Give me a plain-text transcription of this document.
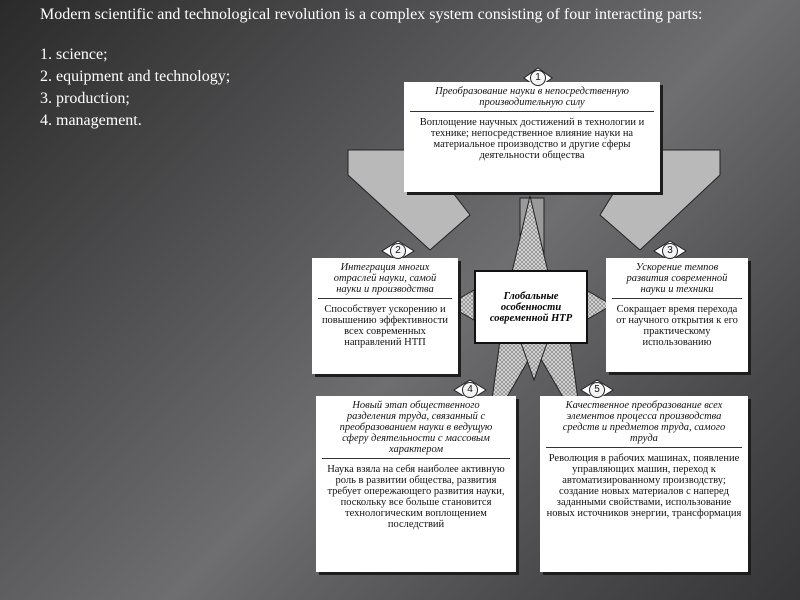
Modern scientific and technological revolution is a complex system consisting of four interacting parts:

1. science;
2. equipment and technology;
3. production;
4. management.
Преобразование науки в непосредственную производительную силу
Воплощение научных достижений в технологии и технике; непосредственное влияние науки на материальное производство и другие сферы деятельности общества
1
Интеграция многих отраслей науки, самой науки и производства
Способствует ускорению и повышению эффективности всех современных направлений НТП
2
Ускорение темпов развития современной науки и техники
Сокращает время перехода от научного открытия к его практическому использованию
3
Новый этап общественного разделения труда, связанный с преобразованием науки в ведущую сферу деятельности с массовым характером
Наука взяла на себя наиболее активную роль в развитии общества, развития требует опережающего развития науки, поскольку все больше становится технологическим воплощением последствий
4
Качественное преобразование всех элементов процесса производства средств и предметов труда, самого труда
Революция в рабочих машинах, появление управляющих машин, переход к автоматизированному производству; создание новых материалов с наперед заданными свойствами, использование новых источников энергии, трансформация
5
Глобальные особенности современной НТР
